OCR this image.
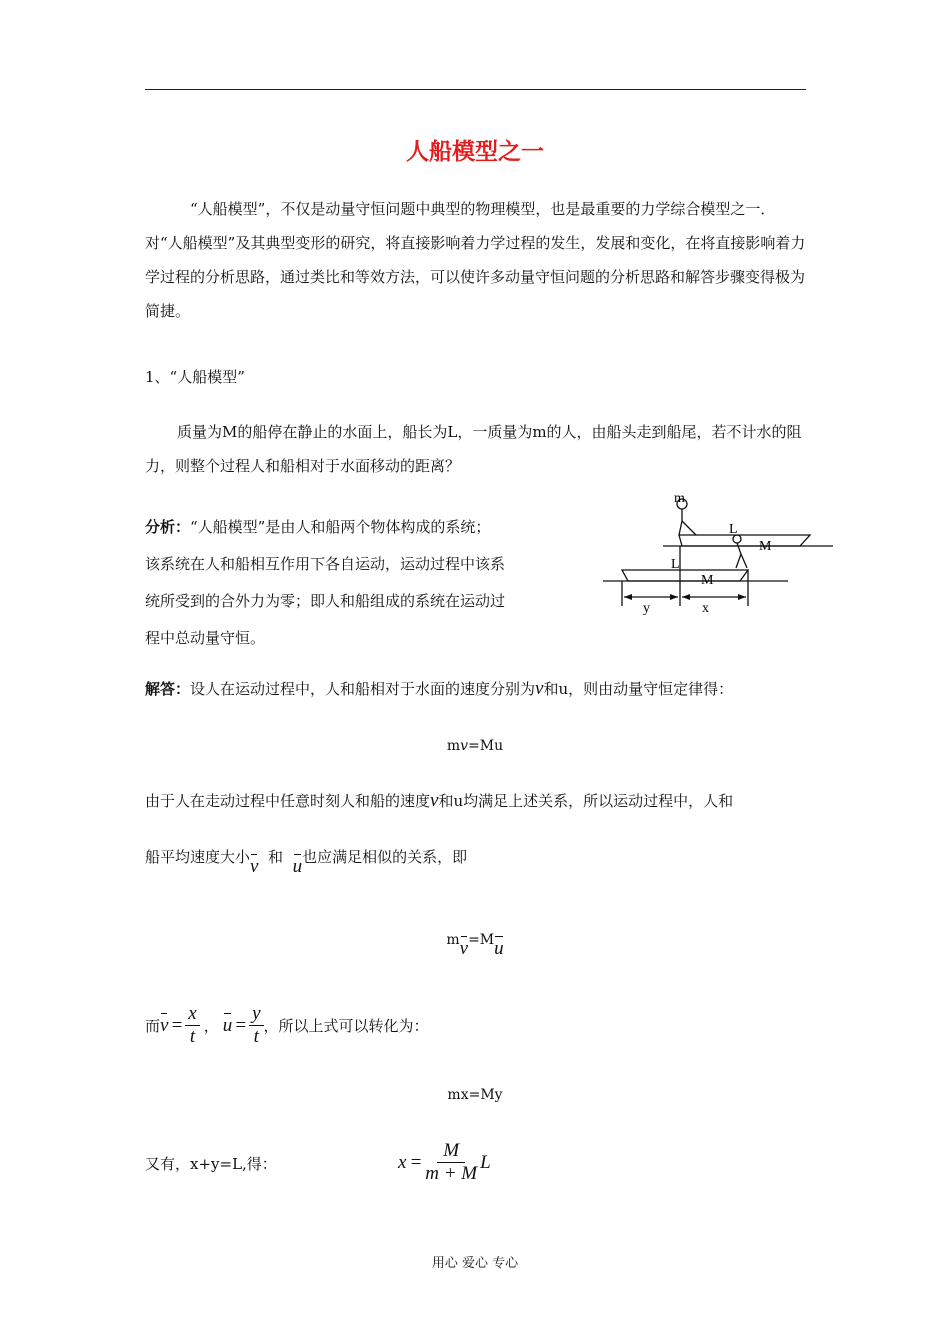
人船模型之一
“人船模型”，不仅是动量守恒问题中典型的物理模型，也是最重要的力学综合模型之一．对“人船模型”及其典型变形的研究，将直接影响着力学过程的发生，发展和变化，在将直接影响着力学过程的分析思路，通过类比和等效方法，可以使许多动量守恒问题的分析思路和解答步骤变得极为简捷。
1、“人船模型”
质量为M的船停在静止的水面上，船长为L，一质量为m的人，由船头走到船尾，若不计水的阻力，则整个过程人和船相对于水面移动的距离？
分析：“人船模型”是由人和船两个物体构成的系统；
该系统在人和船相互作用下各自运动，运动过程中该系
统所受到的合外力为零；即人和船组成的系统在运动过
程中总动量守恒。
m
L
M
L
M
y	x
解答：设人在运动过程中，人和船相对于水面的速度分别为v和u，则由动量守恒定律得：
mv=Mu
由于人在走动过程中任意时刻人和船的速度v和u均满足上述关系，所以运动过程中，人和
船平均速度大小v 和 u也应满足相似的关系，即
mv=Mu
而 $v = \frac{x}{t}$ ， $u = \frac{y}{t}$ ，所以上式可以转化为：
mx=My
又有，x+y=L,得：	$x = \frac{M}{m + M}$ L
用心 爱心 专心
